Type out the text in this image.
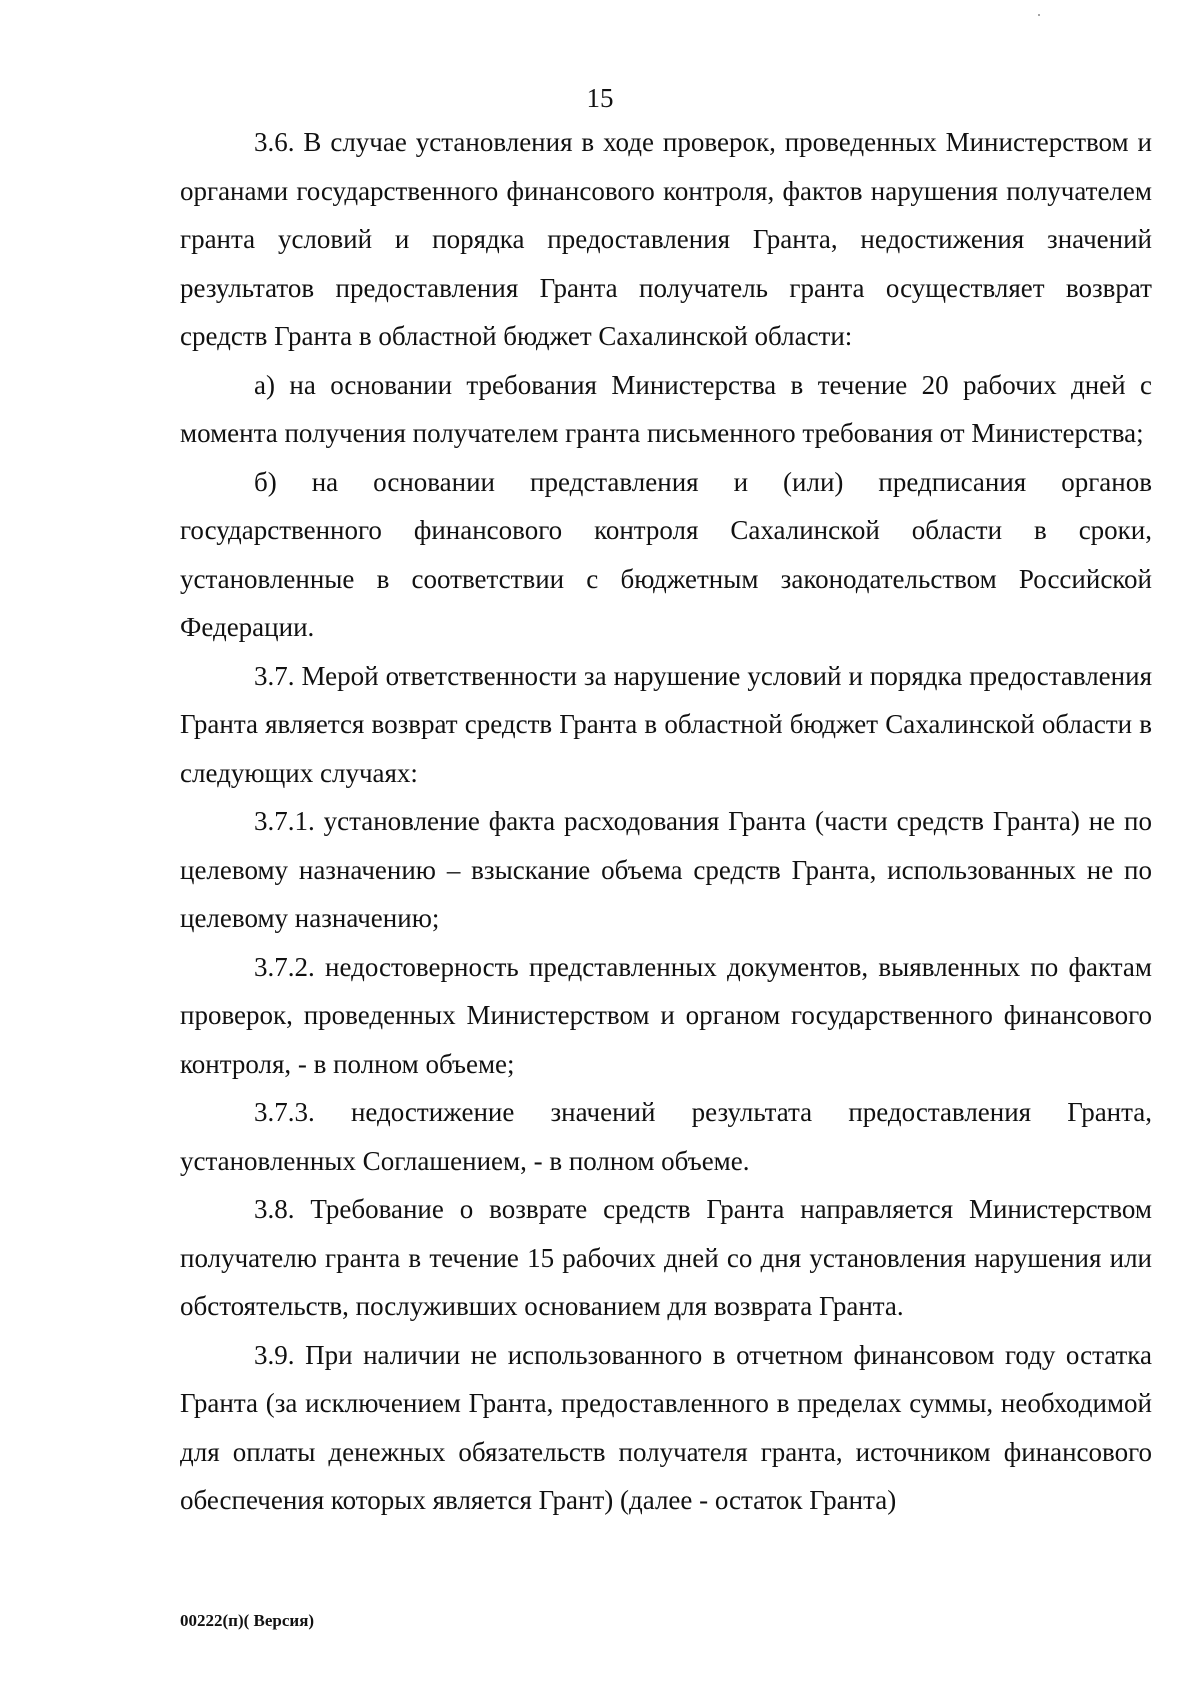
15

3.6. В случае установления в ходе проверок, проведенных Министерством и органами государственного финансового контроля, фактов нарушения получателем гранта условий и порядка предоставления Гранта, недостижения значений результатов предоставления Гранта получатель гранта осуществляет возврат средств Гранта в областной бюджет Сахалинской области:

а) на основании требования Министерства в течение 20 рабочих дней с момента получения получателем гранта письменного требования от Министерства;

б) на основании представления и (или) предписания органов государственного финансового контроля Сахалинской области в сроки, установленные в соответствии с бюджетным законодательством Российской Федерации.

3.7. Мерой ответственности за нарушение условий и порядка предоставления Гранта является возврат средств Гранта в областной бюджет Сахалинской области в следующих случаях:

3.7.1. установление факта расходования Гранта (части средств Гранта) не по целевому назначению – взыскание объема средств Гранта, использованных не по целевому назначению;

3.7.2. недостоверность представленных документов, выявленных по фактам проверок, проведенных Министерством и органом государственного финансового контроля, - в полном объеме;

3.7.3. недостижение значений результата предоставления Гранта, установленных Соглашением, - в полном объеме.

3.8. Требование о возврате средств Гранта направляется Министерством получателю гранта в течение 15 рабочих дней со дня установления нарушения или обстоятельств, послуживших основанием для возврата Гранта.

3.9. При наличии не использованного в отчетном финансовом году остатка Гранта (за исключением Гранта, предоставленного в пределах суммы, необходимой для оплаты денежных обязательств получателя гранта, источником финансового обеспечения которых является Грант) (далее - остаток Гранта)

00222(п)( Версия)
